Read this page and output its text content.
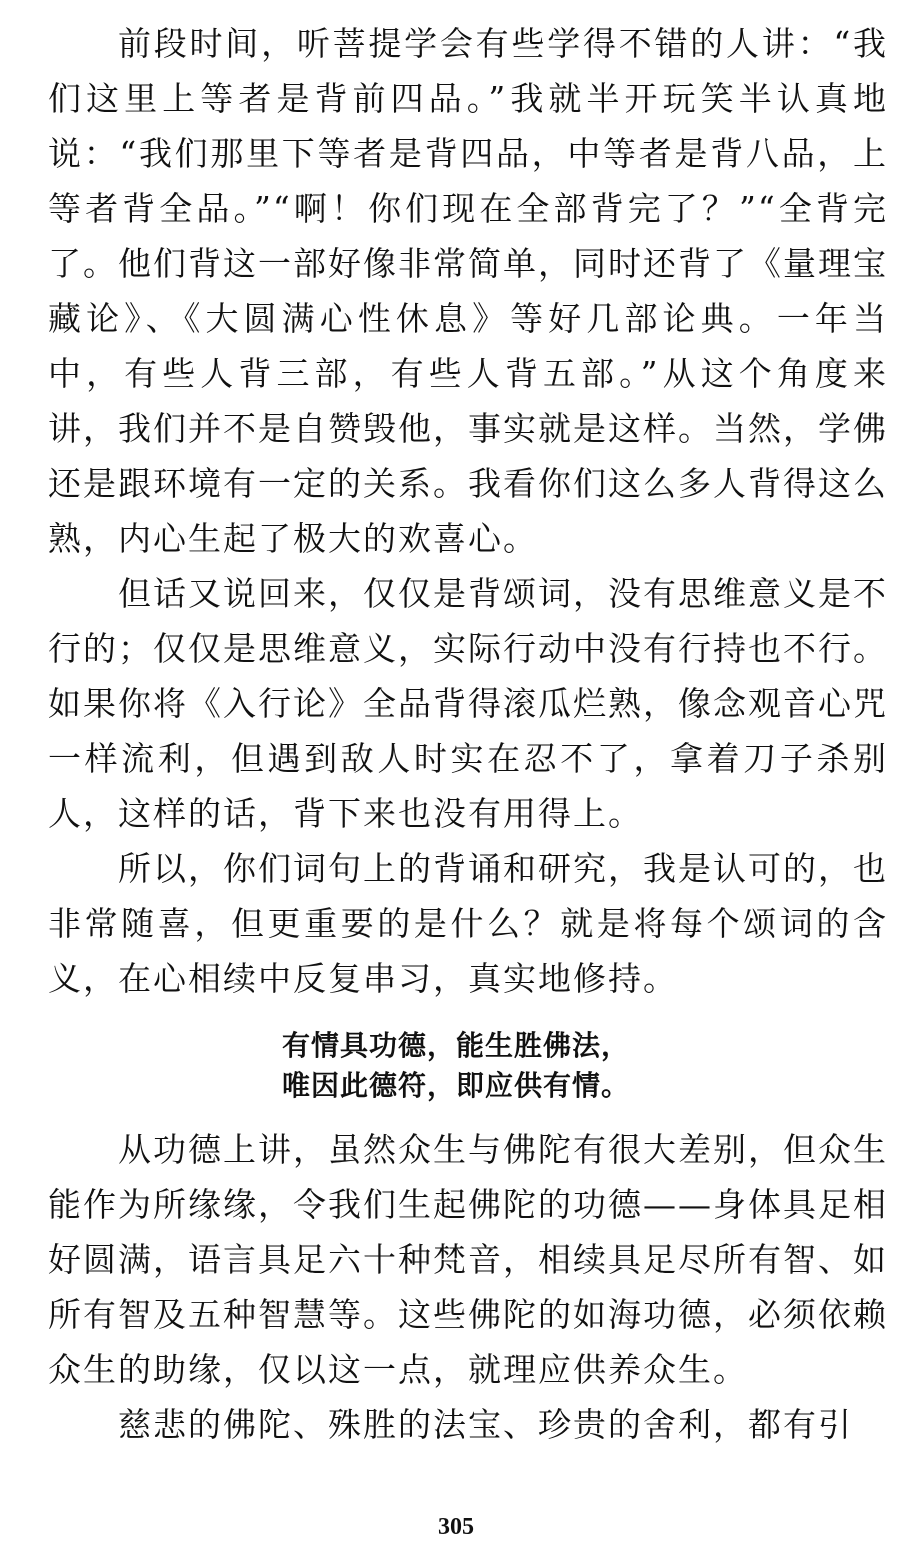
前段时间，听菩提学会有些学得不错的人讲：“我们这里上等者是背前四品。”我就半开玩笑半认真地说：“我们那里下等者是背四品，中等者是背八品，上等者背全品。”“啊！你们现在全部背完了？”“全背完了。他们背这一部好像非常简单，同时还背了《量理宝藏论》、《大圆满心性休息》等好几部论典。一年当中，有些人背三部，有些人背五部。”从这个角度来讲，我们并不是自赞毁他，事实就是这样。当然，学佛还是跟环境有一定的关系。我看你们这么多人背得这么熟，内心生起了极大的欢喜心。

但话又说回来，仅仅是背颂词，没有思维意义是不行的；仅仅是思维意义，实际行动中没有行持也不行。如果你将《入行论》全品背得滚瓜烂熟，像念观音心咒一样流利，但遇到敌人时实在忍不了，拿着刀子杀别人，这样的话，背下来也没有用得上。

所以，你们词句上的背诵和研究，我是认可的，也非常随喜，但更重要的是什么？就是将每个颂词的含义，在心相续中反复串习，真实地修持。

有情具功德，能生胜佛法，
唯因此德符，即应供有情。

从功德上讲，虽然众生与佛陀有很大差别，但众生能作为所缘缘，令我们生起佛陀的功德——身体具足相好圆满，语言具足六十种梵音，相续具足尽所有智、如所有智及五种智慧等。这些佛陀的如海功德，必须依赖众生的助缘，仅以这一点，就理应供养众生。

慈悲的佛陀、殊胜的法宝、珍贵的舍利，都有引

305
